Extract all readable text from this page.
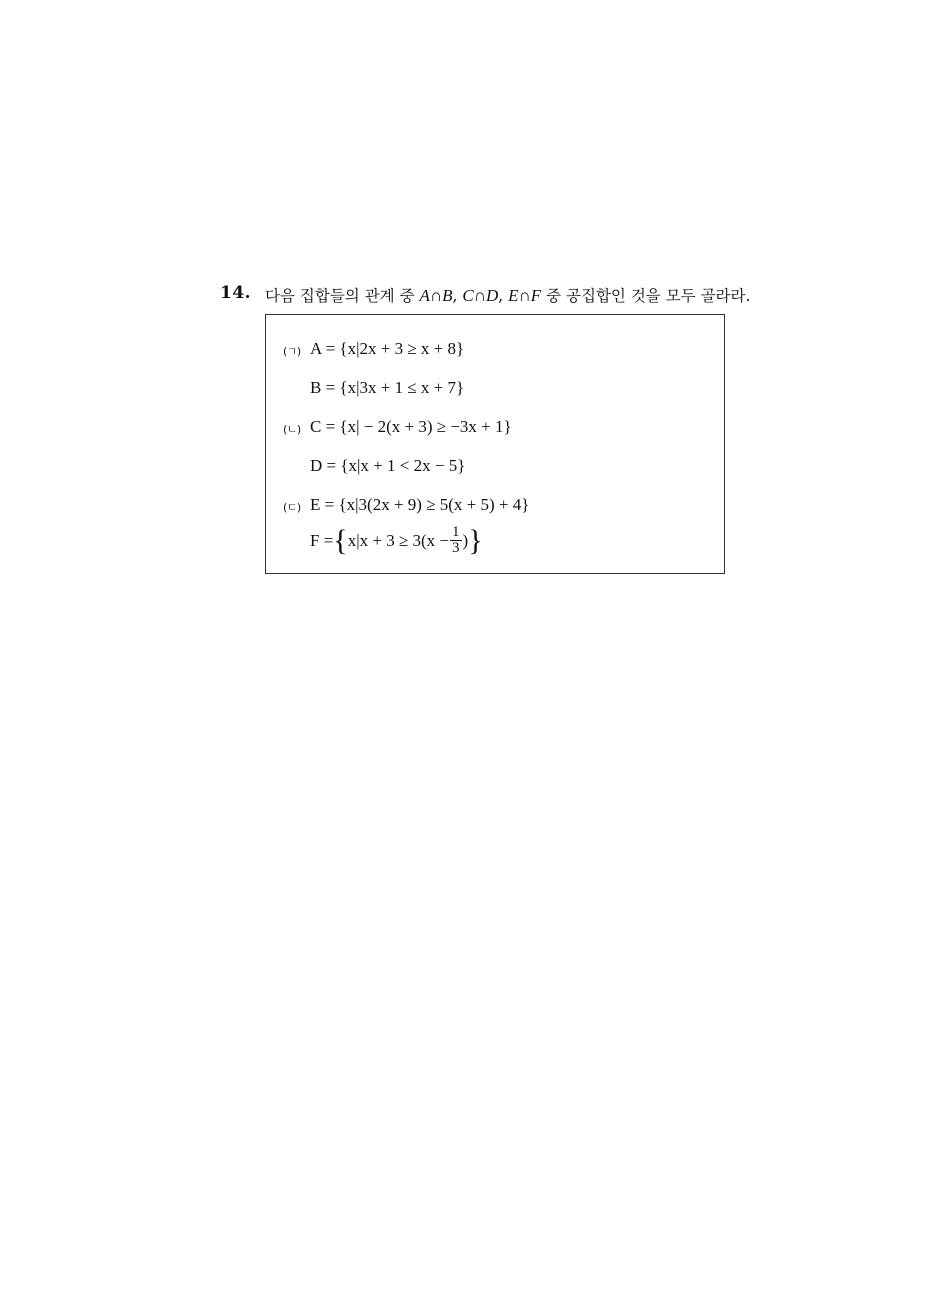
14. 다음 집합들의 관계 중 A∩B, C∩D, E∩F 중 공집합인 것을 모두 골라라.
(ㄱ) A = {x|2x + 3 ≥ x + 8}
B = {x|3x + 1 ≤ x + 7}
(ㄴ) C = {x| − 2(x + 3) ≥ −3x + 1}
D = {x|x + 1 < 2x − 5}
(ㄷ) E = {x|3(2x + 9) ≥ 5(x + 5) + 4}
F = { $x|x + 3 \ge 3(x - \frac{1}{3}$ ) }
